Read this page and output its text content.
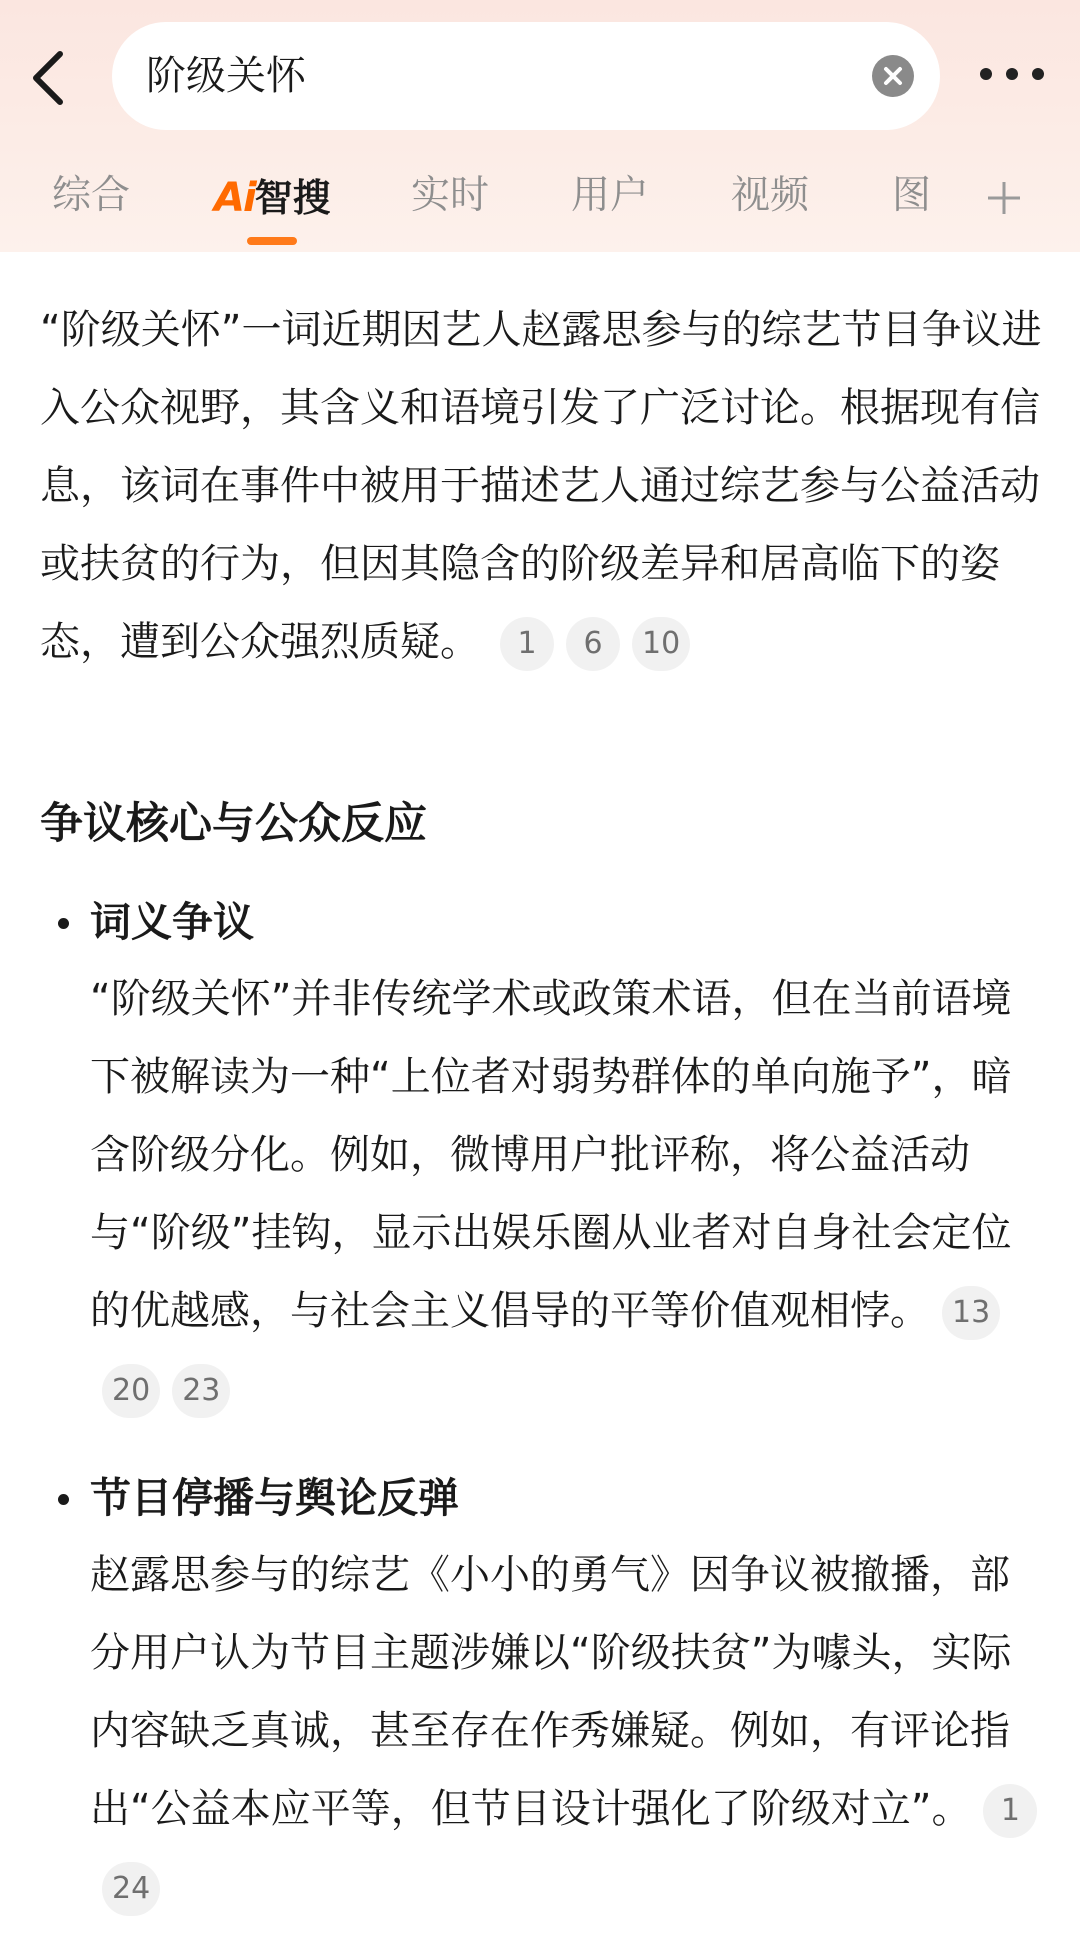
阶级关怀
综合 Ai智搜 实时 用户 视频 图
“阶级关怀”一词近期因艺人赵露思参与的综艺节目争议进入公众视野，其含义和语境引发了广泛讨论。根据现有信息，该词在事件中被用于描述艺人通过综艺参与公益活动或扶贫的行为，但因其隐含的阶级差异和居高临下的姿态，遭到公众强烈质疑。 1 6 10
争议核心与公众反应
词义争议
“阶级关怀”并非传统学术或政策术语，但在当前语境下被解读为一种“上位者对弱势群体的单向施予”，暗含阶级分化。例如，微博用户批评称，将公益活动与“阶级”挂钩，显示出娱乐圈从业者对自身社会定位的优越感，与社会主义倡导的平等价值观相悖。 1320 23
节目停播与舆论反弹
赵露思参与的综艺《小小的勇气》因争议被撤播，部分用户认为节目主题涉嫌以“阶级扶贫”为噱头，实际内容缺乏真诚，甚至存在作秀嫌疑。例如，有评论指出“公益本应平等，但节目设计强化了阶级对立”。 124
